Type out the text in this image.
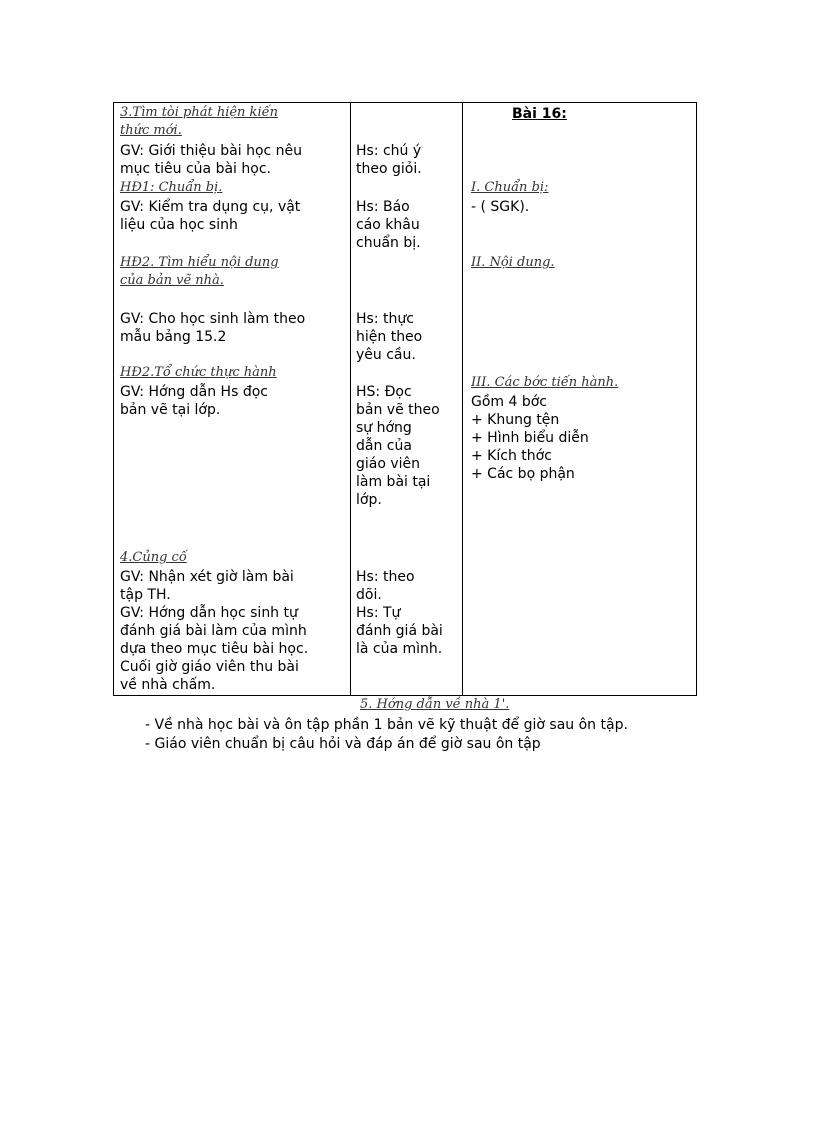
3.Tìm tòi phát hiện kiến
thức mới.
GV: Giới thiệu bài học nêu
mục tiêu của bài học.
HĐ1: Chuẩn bị.
GV: Kiểm tra dụng cụ, vật
liệu của học sinh
HĐ2. Tìm hiểu nội dung
của bản vẽ nhà.
GV: Cho học sinh làm theo
mẫu bảng 15.2
HĐ2.Tổ chức thực hành
GV: Hớng dẫn Hs đọc
bản vẽ tại lớp.
4.Củng cố
GV: Nhận xét giờ làm bài
tập TH.
GV: Hớng dẫn học sinh tự
đánh giá bài làm của mình
dựa theo mục tiêu bài học.
Cuối giờ giáo viên thu bài
về nhà chấm.
Hs: chú ý
theo giỏi.
Hs: Báo
cáo khâu
chuẩn bị.
Hs: thực
hiện theo
yêu cầu.
HS: Đọc
bản vẽ theo
sự hớng
dẫn của
giáo viên
làm bài tại
lớp.
Hs: theo
dõi.
Hs: Tự
đánh giá bài
là của mình.
Bài 16:
I. Chuẩn bị:
- ( SGK).
II. Nội dung.
III. Các bớc tiến hành.
Gồm 4 bớc
+ Khung tện
+ Hình biểu diễn
+ Kích thớc
+ Các bọ phận
5. Hớng dẫn về nhà 1'.
- Về nhà học bài và ôn tập phần 1 bản vẽ kỹ thuật để giờ sau ôn tập.
- Giáo viên chuẩn bị câu hỏi và đáp án để giờ sau ôn tập
